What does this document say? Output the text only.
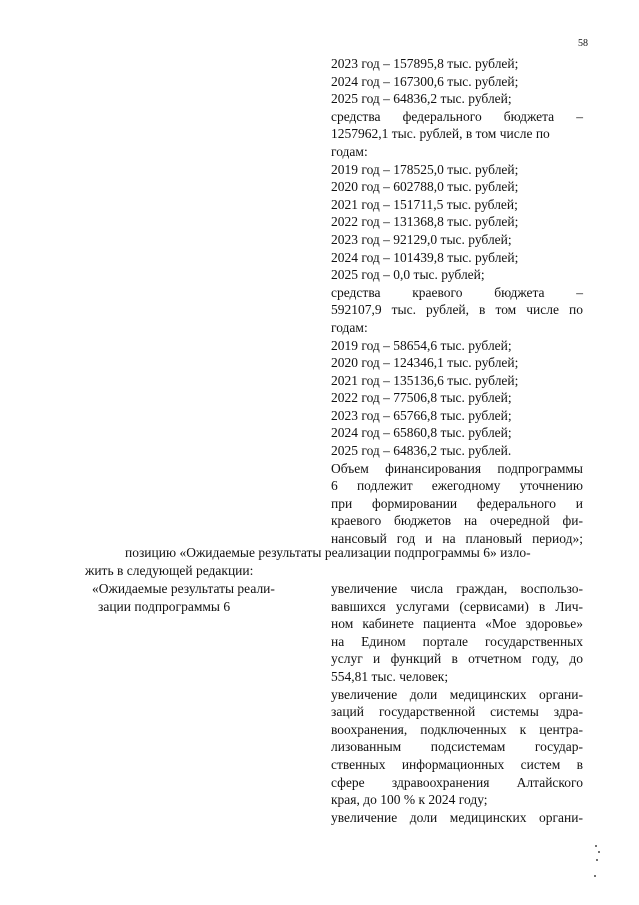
58
2023 год – 157895,8 тыс. рублей;
2024 год – 167300,6 тыс. рублей;
2025 год – 64836,2 тыс. рублей;
средства федерального бюджета –
1257962,1 тыс. рублей, в том числе по
годам:
2019 год – 178525,0 тыс. рублей;
2020 год – 602788,0 тыс. рублей;
2021 год – 151711,5 тыс. рублей;
2022 год – 131368,8 тыс. рублей;
2023 год – 92129,0 тыс. рублей;
2024 год – 101439,8 тыс. рублей;
2025 год – 0,0 тыс. рублей;
средства краевого бюджета –
592107,9 тыс. рублей, в том числе по
годам:
2019 год – 58654,6 тыс. рублей;
2020 год – 124346,1 тыс. рублей;
2021 год – 135136,6 тыс. рублей;
2022 год – 77506,8 тыс. рублей;
2023 год – 65766,8 тыс. рублей;
2024 год – 65860,8 тыс. рублей;
2025 год – 64836,2 тыс. рублей.
Объем финансирования подпрограммы
6 подлежит ежегодному уточнению
при формировании федерального и
краевого бюджетов на очередной фи-
нансовый год и на плановый период»;
позицию «Ожидаемые результаты реализации подпрограммы 6» изло-
жить в следующей редакции:
«Ожидаемые результаты реали-
зации подпрограммы 6
увеличение числа граждан, воспользо-
вавшихся услугами (сервисами) в Лич-
ном кабинете пациента «Мое здоровье»
на Едином портале государственных
услуг и функций в отчетном году, до
554,81 тыс. человек;
увеличение доли медицинских органи-
заций государственной системы здра-
воохранения, подключенных к центра-
лизованным подсистемам государ-
ственных информационных систем в
сфере здравоохранения Алтайского
края, до 100 % к 2024 году;
увеличение доли медицинских органи-
